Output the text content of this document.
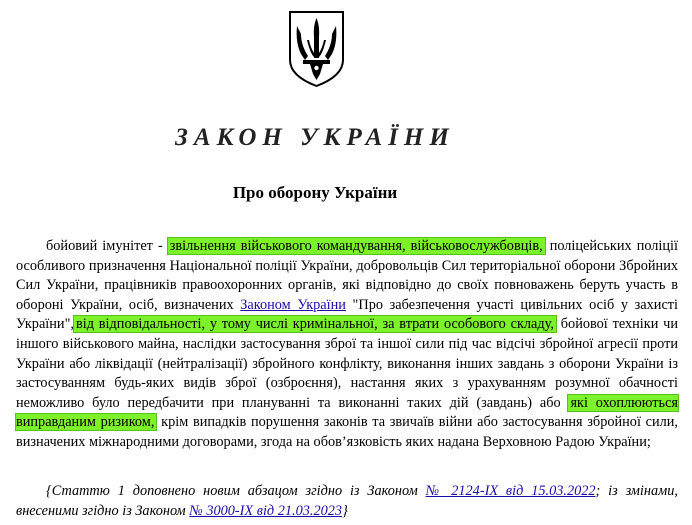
ЗАКОН УКРАЇНИ
Про оборону України
бойовий імунітет - звільнення військового командування, військовослужбовців, поліцейських поліції особливого призначення Національної поліції України, добровольців Сил територіальної оборони Збройних Сил України, працівників правоохоронних органів, які відповідно до своїх повноважень беруть участь в обороні України, осіб, визначених Законом України "Про забезпечення участі цивільних осіб у захисті України", від відповідальності, у тому числі кримінальної, за втрати особового складу, бойової техніки чи іншого військового майна, наслідки застосування зброї та іншої сили під час відсічі збройної агресії проти України або ліквідації (нейтралізації) збройного конфлікту, виконання інших завдань з оборони України із застосуванням будь-яких видів зброї (озброєння), настання яких з урахуванням розумної обачності неможливо було передбачити при плануванні та виконанні таких дій (завдань) або які охоплюються виправданим ризиком, крім випадків порушення законів та звичаїв війни або застосування збройної сили, визначених міжнародними договорами, згода на обов’язковість яких надана Верховною Радою України;
{Статтю 1 доповнено новим абзацом згідно із Законом № 2124-IX від 15.03.2022; із змінами, внесеними згідно із Законом № 3000-IX від 21.03.2023}
